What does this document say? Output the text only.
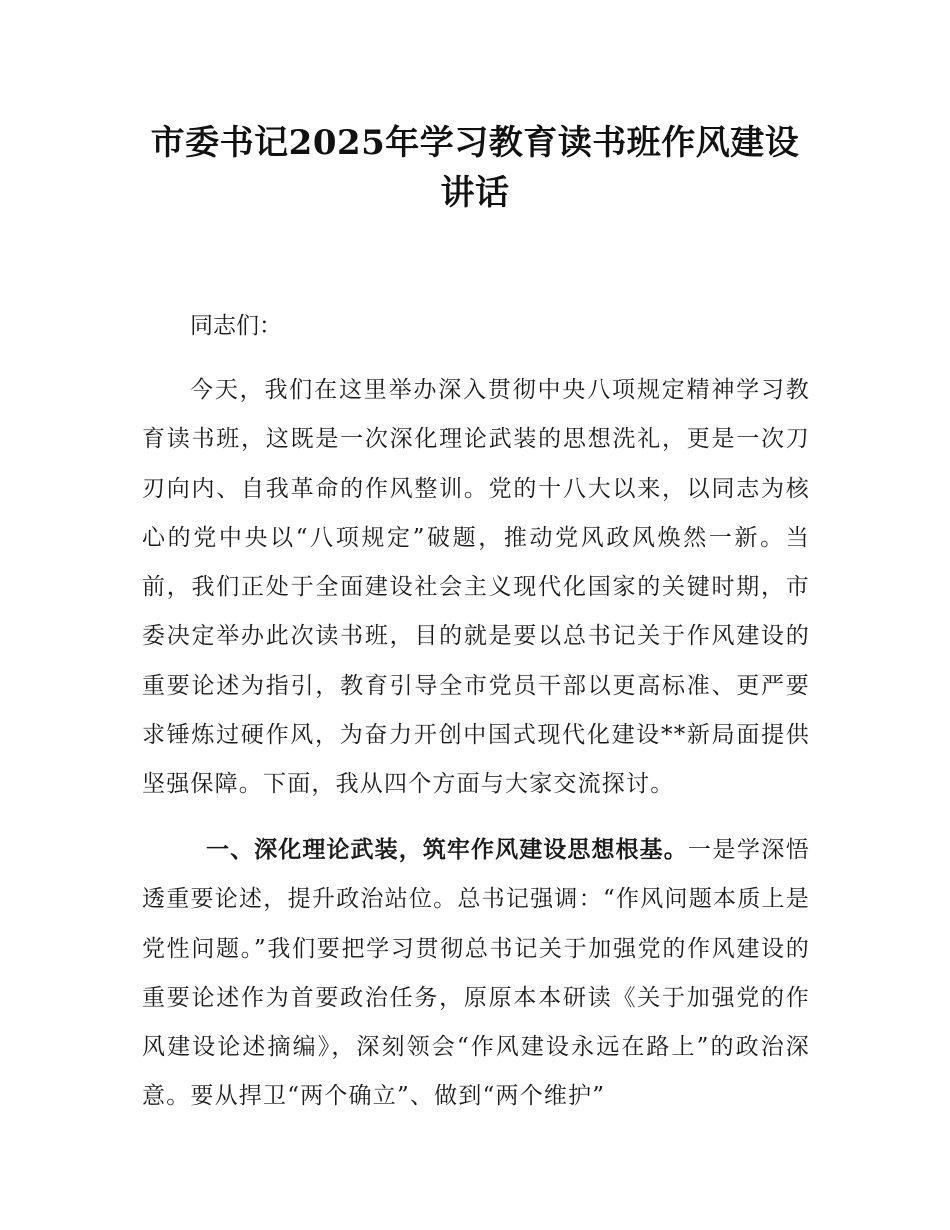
市委书记2025年学习教育读书班作风建设讲话
同志们：
今天，我们在这里举办深入贯彻中央八项规定精神学习教育读书班，这既是一次深化理论武装的思想洗礼，更是一次刀刃向内、自我革命的作风整训。党的十八大以来，以同志为核心的党中央以“八项规定”破题，推动党风政风焕然一新。当前，我们正处于全面建设社会主义现代化国家的关键时期，市委决定举办此次读书班，目的就是要以总书记关于作风建设的重要论述为指引，教育引导全市党员干部以更高标准、更严要求锤炼过硬作风，为奋力开创中国式现代化建设**新局面提供坚强保障。下面，我从四个方面与大家交流探讨。
一、深化理论武装，筑牢作风建设思想根基。一是学深悟透重要论述，提升政治站位。总书记强调：“作风问题本质上是党性问题。”我们要把学习贯彻总书记关于加强党的作风建设的重要论述作为首要政治任务，原原本本研读《关于加强党的作风建设论述摘编》，深刻领会“作风建设永远在路上”的政治深意。要从捍卫“两个确立”、做到“两个维护”
